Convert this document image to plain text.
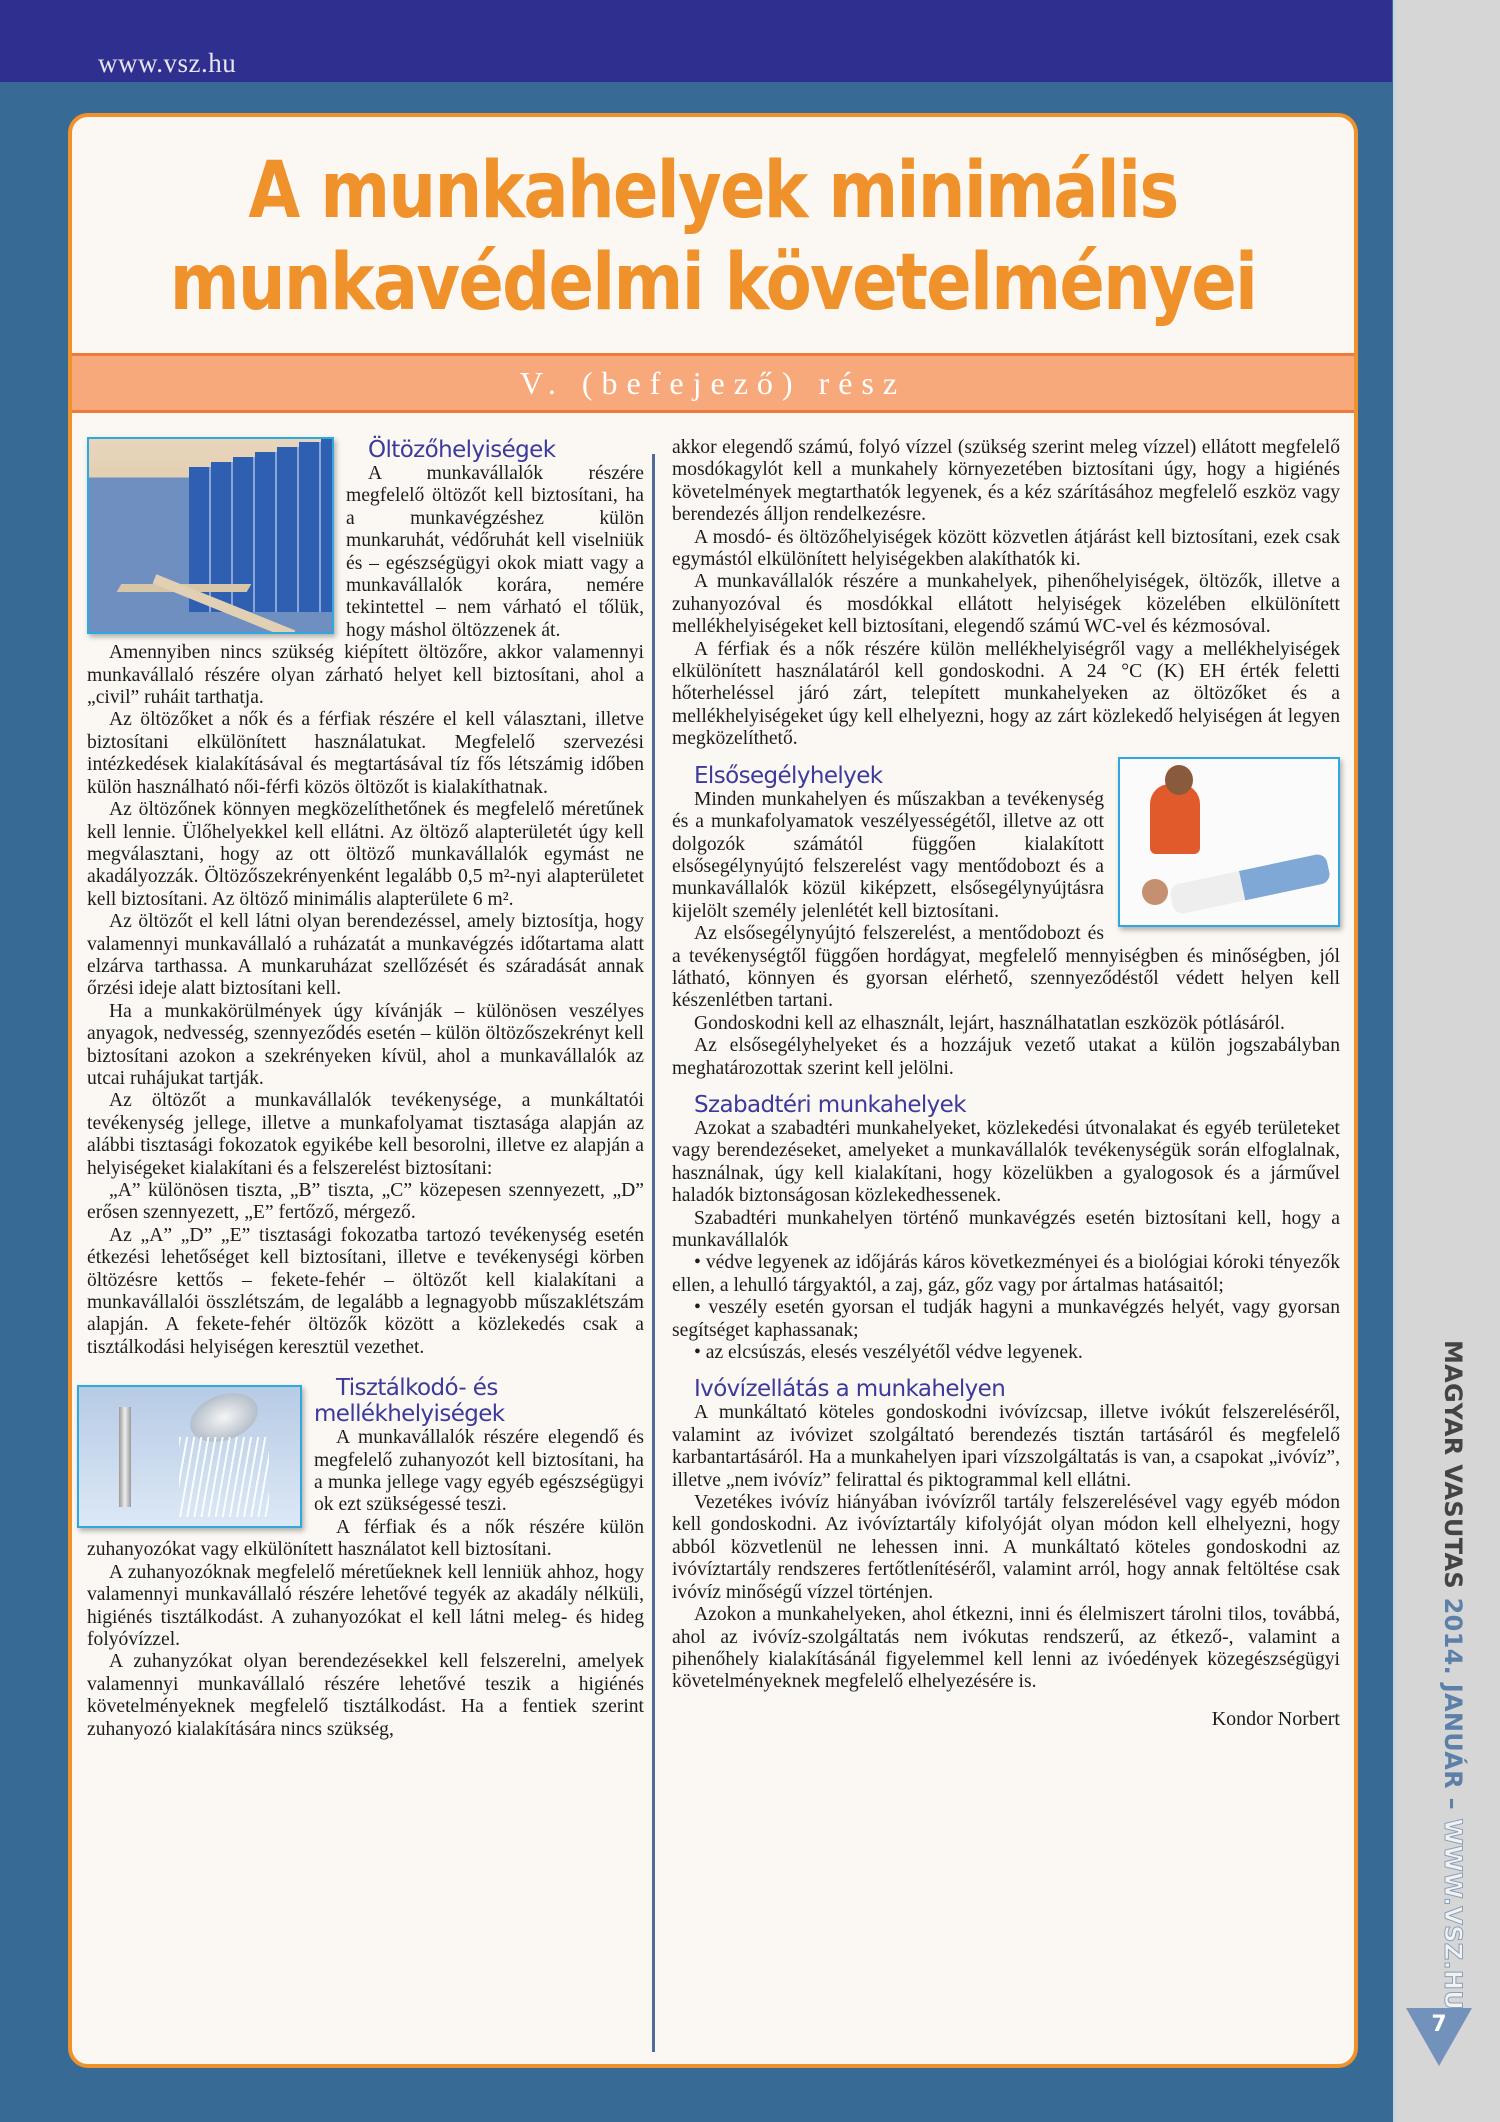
www.vsz.hu
MAGYAR VASUTAS 2014. JANUÁR – WWW.VSZ.HU
7
A munkahelyek minimális
munkavédelmi követelményei
V. (befejező) rész

Öltözőhelyiségek

A munkavállalók részére megfelelő öltözőt kell biztosítani, ha a munkavégzéshez külön munkaruhát, védőruhát kell viselniük és – egészségügyi okok miatt vagy a munkavállalók korára, nemére tekintettel – nem várható el tőlük, hogy máshol öltözzenek át.

Amennyiben nincs szükség kiépített öltözőre, akkor valamennyi munkavállaló részére olyan zárható helyet kell biztosítani, ahol a „civil” ruháit tarthatja.

Az öltözőket a nők és a férfiak részére el kell választani, illetve biztosítani elkülönített használatukat. Megfelelő szervezési intézkedések kialakításával és megtartásával tíz fős létszámig időben külön használható női-férfi közös öltözőt is kialakíthatnak.

Az öltözőnek könnyen megközelíthetőnek és megfelelő méretűnek kell lennie. Ülőhelyekkel kell ellátni. Az öltöző alapterületét úgy kell megválasztani, hogy az ott öltöző munkavállalók egymást ne akadályozzák. Öltözőszekrényenként legalább 0,5 m²-nyi alapterületet kell biztosítani. Az öltöző minimális alapterülete 6 m².

Az öltözőt el kell látni olyan berendezéssel, amely biztosítja, hogy valamennyi munkavállaló a ruházatát a munkavégzés időtartama alatt elzárva tarthassa. A munkaruházat szellőzését és száradását annak őrzési ideje alatt biztosítani kell.

Ha a munkakörülmények úgy kívánják – különösen veszélyes anyagok, nedvesség, szennyeződés esetén – külön öltözőszekrényt kell biztosítani azokon a szekrényeken kívül, ahol a munkavállalók az utcai ruhájukat tartják.

Az öltözőt a munkavállalók tevékenysége, a munkáltatói tevékenység jellege, illetve a munkafolyamat tisztasága alapján az alábbi tisztasági fokozatok egyikébe kell besorolni, illetve ez alapján a helyiségeket kialakítani és a felszerelést biztosítani:

„A” különösen tiszta, „B” tiszta, „C” közepesen szennyezett, „D” erősen szennyezett, „E” fertőző, mérgező.

Az „A” „D” „E” tisztasági fokozatba tartozó tevékenység esetén étkezési lehetőséget kell biztosítani, illetve e tevékenységi körben öltözésre kettős – fekete-fehér – öltözőt kell kialakítani a munkavállalói összlétszám, de legalább a legnagyobb műszaklétszám alapján. A fekete-fehér öltözők között a közlekedés csak a tisztálkodási helyiségen keresztül vezethet.

Tisztálkodó- és mellékhelyiségek

A munkavállalók részére elegendő és megfelelő zuhanyozót kell biztosítani, ha a munka jellege vagy egyéb egészségügyi ok ezt szükségessé teszi.

A férfiak és a nők részére külön zuhanyozókat vagy elkülönített használatot kell biztosítani.

A zuhanyozóknak megfelelő méretűeknek kell lenniük ahhoz, hogy valamennyi munkavállaló részére lehetővé tegyék az akadály nélküli, higiénés tisztálkodást. A zuhanyozókat el kell látni meleg- és hideg folyóvízzel.

A zuhanyzókat olyan berendezésekkel kell felszerelni, amelyek valamennyi munkavállaló részére lehetővé teszik a higiénés követelményeknek megfelelő tisztálkodást. Ha a fentiek szerint zuhanyozó kialakítására nincs szükség,

akkor elegendő számú, folyó vízzel (szükség szerint meleg vízzel) ellátott megfelelő mosdókagylót kell a munkahely környezetében biztosítani úgy, hogy a higiénés követelmények megtarthatók legyenek, és a kéz szárításához megfelelő eszköz vagy berendezés álljon rendelkezésre.

A mosdó- és öltözőhelyiségek között közvetlen átjárást kell biztosítani, ezek csak egymástól elkülönített helyiségekben alakíthatók ki.

A munkavállalók részére a munkahelyek, pihenőhelyiségek, öltözők, illetve a zuhanyozóval és mosdókkal ellátott helyiségek közelében elkülönített mellékhelyiségeket kell biztosítani, elegendő számú WC-vel és kézmosóval.

A férfiak és a nők részére külön mellékhelyiségről vagy a mellékhelyiségek elkülönített használatáról kell gondoskodni. A 24 °C (K) EH érték feletti hőterheléssel járó zárt, telepített munkahelyeken az öltözőket és a mellékhelyiségeket úgy kell elhelyezni, hogy az zárt közlekedő helyiségen át legyen megközelíthető.

Elsősegélyhelyek

Minden munkahelyen és műszakban a tevékenység és a munkafolyamatok veszélyességétől, illetve az ott dolgozók számától függően kialakított elsősegélynyújtó felszerelést vagy mentődobozt és a munkavállalók közül kiképzett, elsősegélynyújtásra kijelölt személy jelenlétét kell biztosítani.

Az elsősegélynyújtó felszerelést, a mentődobozt és a tevékenységtől függően hordágyat, megfelelő mennyiségben és minőségben, jól látható, könnyen és gyorsan elérhető, szennyeződéstől védett helyen kell készenlétben tartani.

Gondoskodni kell az elhasznált, lejárt, használhatatlan eszközök pótlásáról.

Az elsősegélyhelyeket és a hozzájuk vezető utakat a külön jogszabályban meghatározottak szerint kell jelölni.

Szabadtéri munkahelyek

Azokat a szabadtéri munkahelyeket, közlekedési útvonalakat és egyéb területeket vagy berendezéseket, amelyeket a munkavállalók tevékenységük során elfoglalnak, használnak, úgy kell kialakítani, hogy közelükben a gyalogosok és a járművel haladók biztonságosan közlekedhessenek.

Szabadtéri munkahelyen történő munkavégzés esetén biztosítani kell, hogy a munkavállalók

• védve legyenek az időjárás káros következményei és a biológiai kóroki tényezők ellen, a lehulló tárgyaktól, a zaj, gáz, gőz vagy por ártalmas hatásaitól;

• veszély esetén gyorsan el tudják hagyni a munkavégzés helyét, vagy gyorsan segítséget kaphassanak;

• az elcsúszás, elesés veszélyétől védve legyenek.

Ivóvízellátás a munkahelyen

A munkáltató köteles gondoskodni ivóvízcsap, illetve ivókút felszereléséről, valamint az ivóvizet szolgáltató berendezés tisztán tartásáról és megfelelő karbantartásáról. Ha a munkahelyen ipari vízszolgáltatás is van, a csapokat „ivóvíz”, illetve „nem ivóvíz” felirattal és piktogrammal kell ellátni.

Vezetékes ivóvíz hiányában ivóvízről tartály felszerelésével vagy egyéb módon kell gondoskodni. Az ivóvíztartály kifolyóját olyan módon kell elhelyezni, hogy abból közvetlenül ne lehessen inni. A munkáltató köteles gondoskodni az ivóvíztartály rendszeres fertőtlenítéséről, valamint arról, hogy annak feltöltése csak ivóvíz minőségű vízzel történjen.

Azokon a munkahelyeken, ahol étkezni, inni és élelmiszert tárolni tilos, továbbá, ahol az ivóvíz-szolgáltatás nem ivókutas rendszerű, az étkező-, valamint a pihenőhely kialakításánál figyelemmel kell lenni az ivóedények közegészségügyi követelményeknek megfelelő elhelyezésére is.

Kondor Norbert
